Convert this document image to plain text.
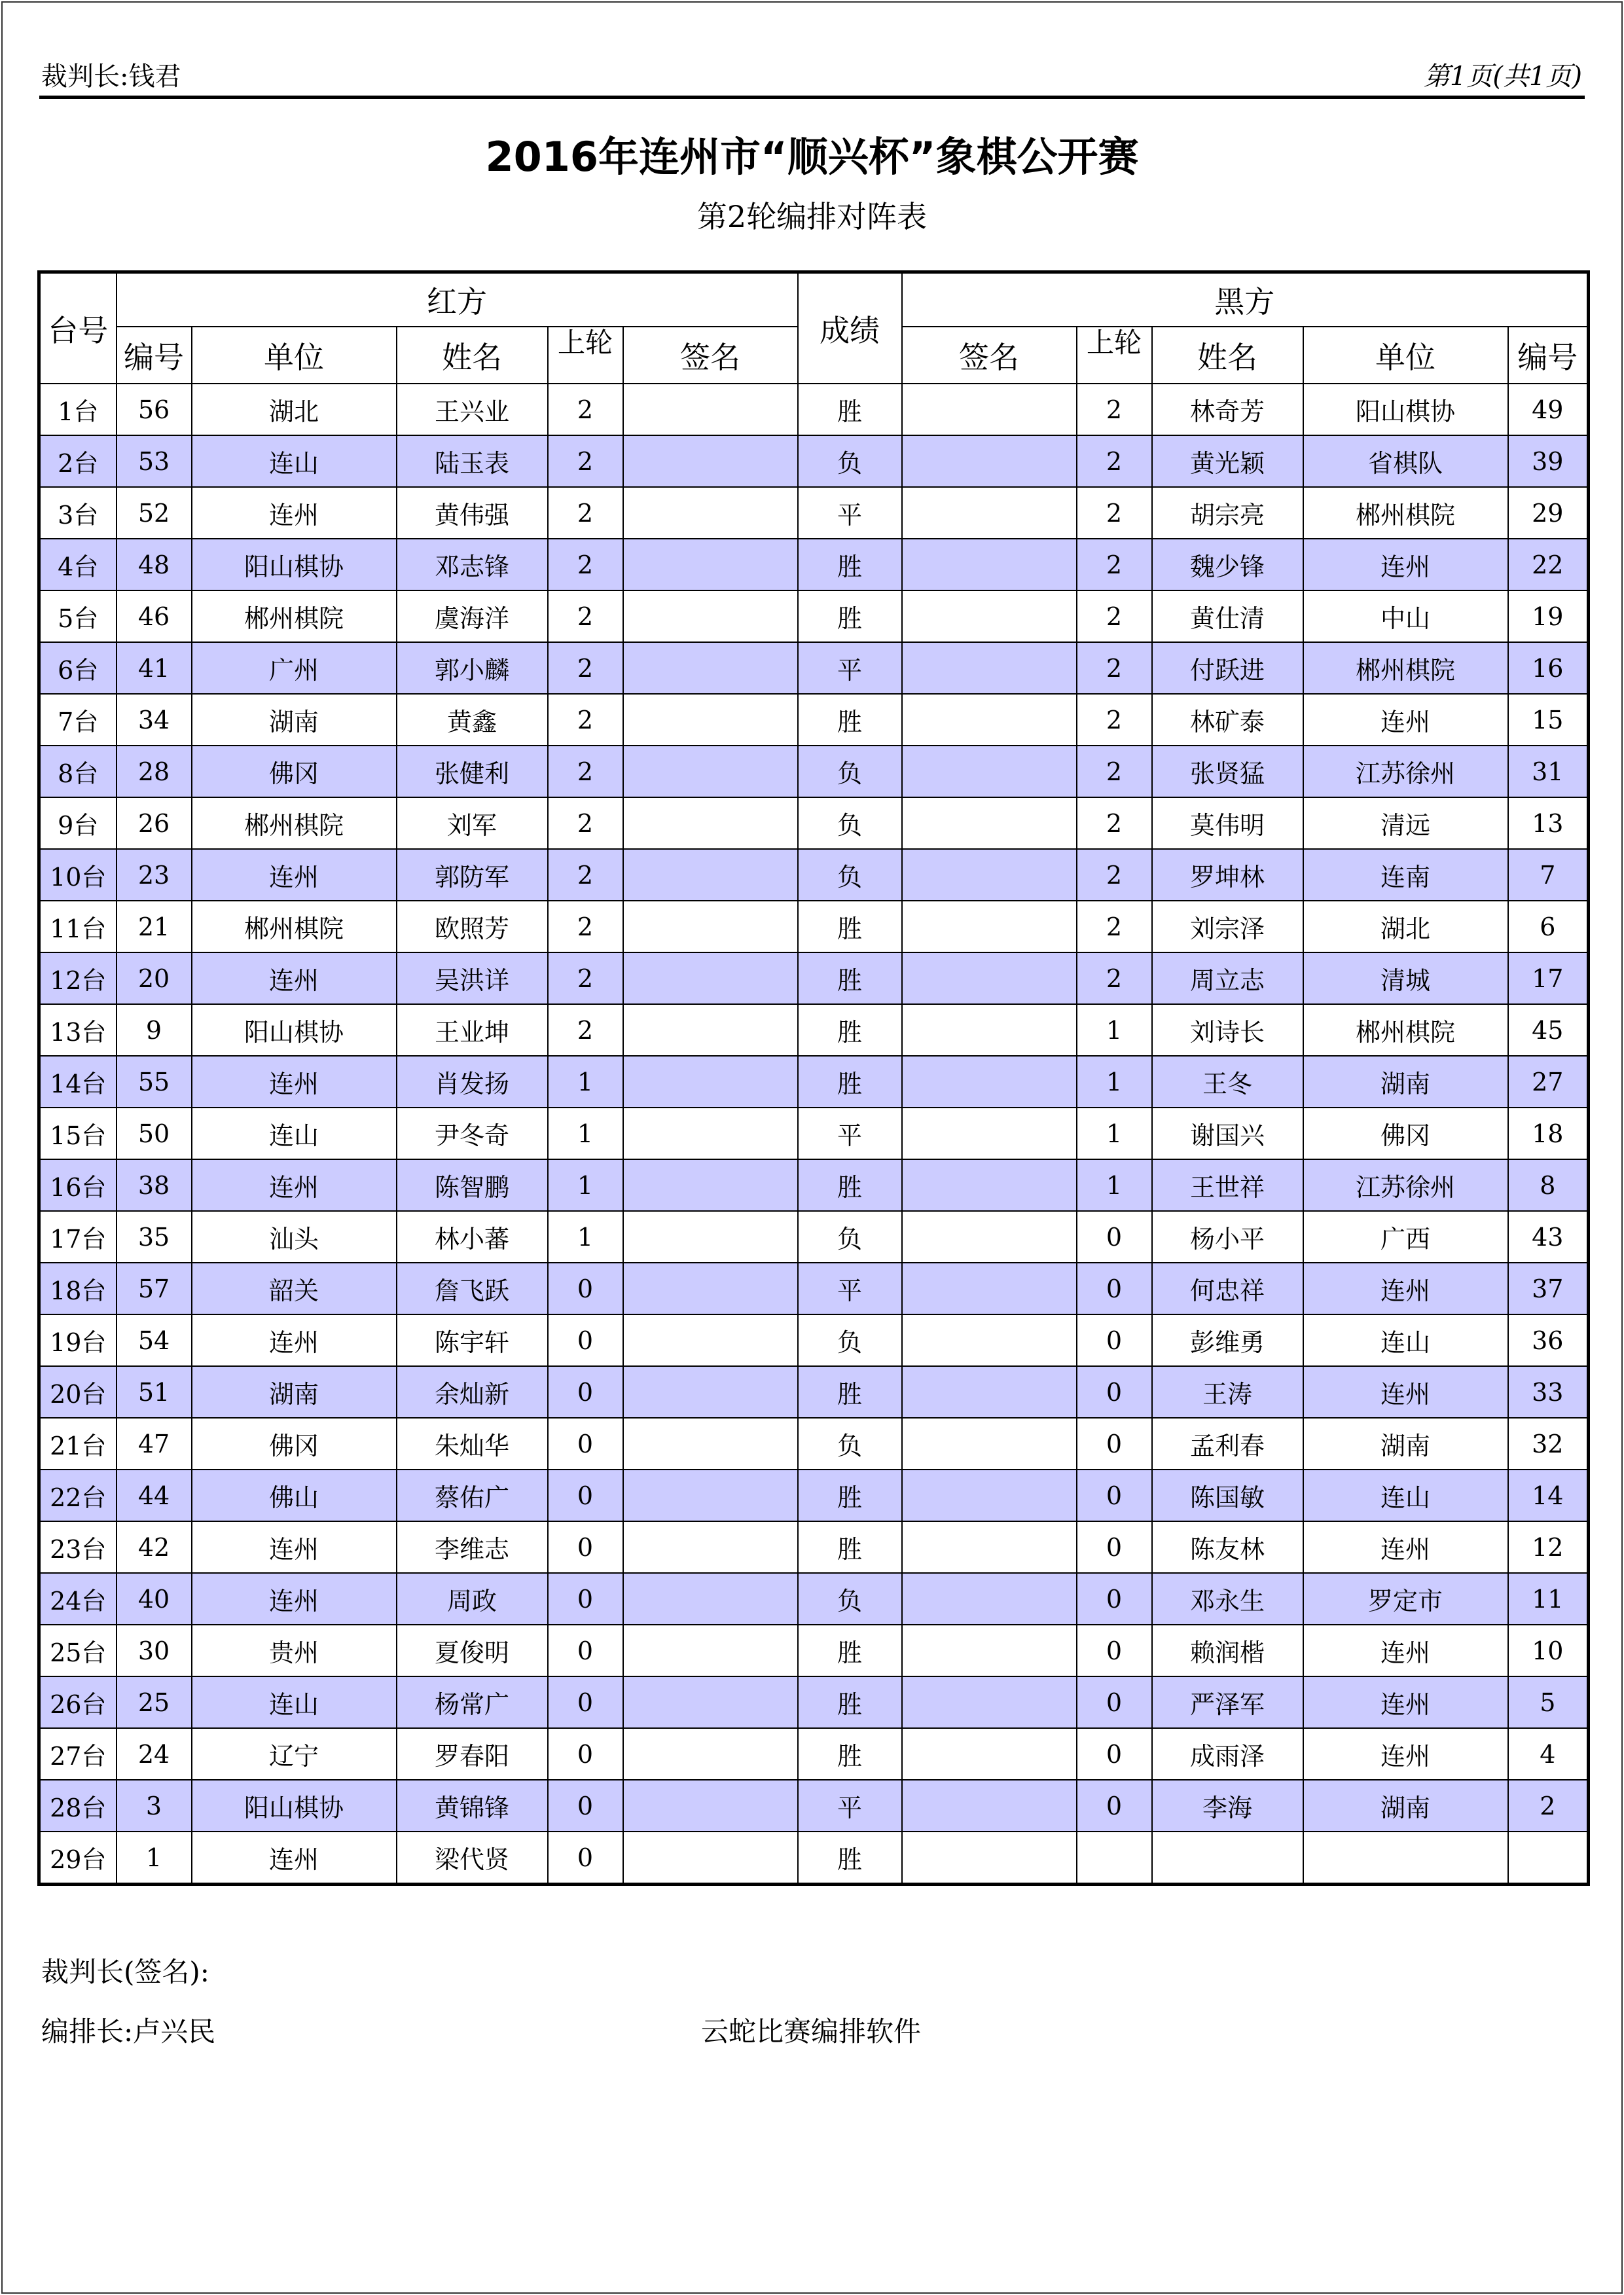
裁判长:钱君	第1页(共1页)
2016年连州市“顺兴杯”象棋公开赛
第2轮编排对阵表
台号	红方					成绩	黑方				
	编号	单位	姓名	上轮	签名		签名	上轮	姓名	单位	编号
1台	56	湖北	王兴业	2		胜		2	林奇芳	阳山棋协	49
2台	53	连山	陆玉表	2		负		2	黄光颖	省棋队	39
3台	52	连州	黄伟强	2		平		2	胡宗亮	郴州棋院	29
4台	48	阳山棋协	邓志锋	2		胜		2	魏少锋	连州	22
5台	46	郴州棋院	虞海洋	2		胜		2	黄仕清	中山	19
6台	41	广州	郭小麟	2		平		2	付跃进	郴州棋院	16
7台	34	湖南	黄鑫	2		胜		2	林矿泰	连州	15
8台	28	佛冈	张健利	2		负		2	张贤猛	江苏徐州	31
9台	26	郴州棋院	刘军	2		负		2	莫伟明	清远	13
10台	23	连州	郭防军	2		负		2	罗坤林	连南	7
11台	21	郴州棋院	欧照芳	2		胜		2	刘宗泽	湖北	6
12台	20	连州	吴洪详	2		胜		2	周立志	清城	17
13台	9	阳山棋协	王业坤	2		胜		1	刘诗长	郴州棋院	45
14台	55	连州	肖发扬	1		胜		1	王冬	湖南	27
15台	50	连山	尹冬奇	1		平		1	谢国兴	佛冈	18
16台	38	连州	陈智鹏	1		胜		1	王世祥	江苏徐州	8
17台	35	汕头	林小蕃	1		负		0	杨小平	广西	43
18台	57	韶关	詹飞跃	0		平		0	何忠祥	连州	37
19台	54	连州	陈宇轩	0		负		0	彭维勇	连山	36
20台	51	湖南	余灿新	0		胜		0	王涛	连州	33
21台	47	佛冈	朱灿华	0		负		0	孟利春	湖南	32
22台	44	佛山	蔡佑广	0		胜		0	陈国敏	连山	14
23台	42	连州	李维志	0		胜		0	陈友林	连州	12
24台	40	连州	周政	0		负		0	邓永生	罗定市	11
25台	30	贵州	夏俊明	0		胜		0	赖润楷	连州	10
26台	25	连山	杨常广	0		胜		0	严泽军	连州	5
27台	24	辽宁	罗春阳	0		胜		0	成雨泽	连州	4
28台	3	阳山棋协	黄锦锋	0		平		0	李海	湖南	2
29台	1	连州	梁代贤	0		胜					
裁判长(签名):
编排长:卢兴民	云蛇比赛编排软件
